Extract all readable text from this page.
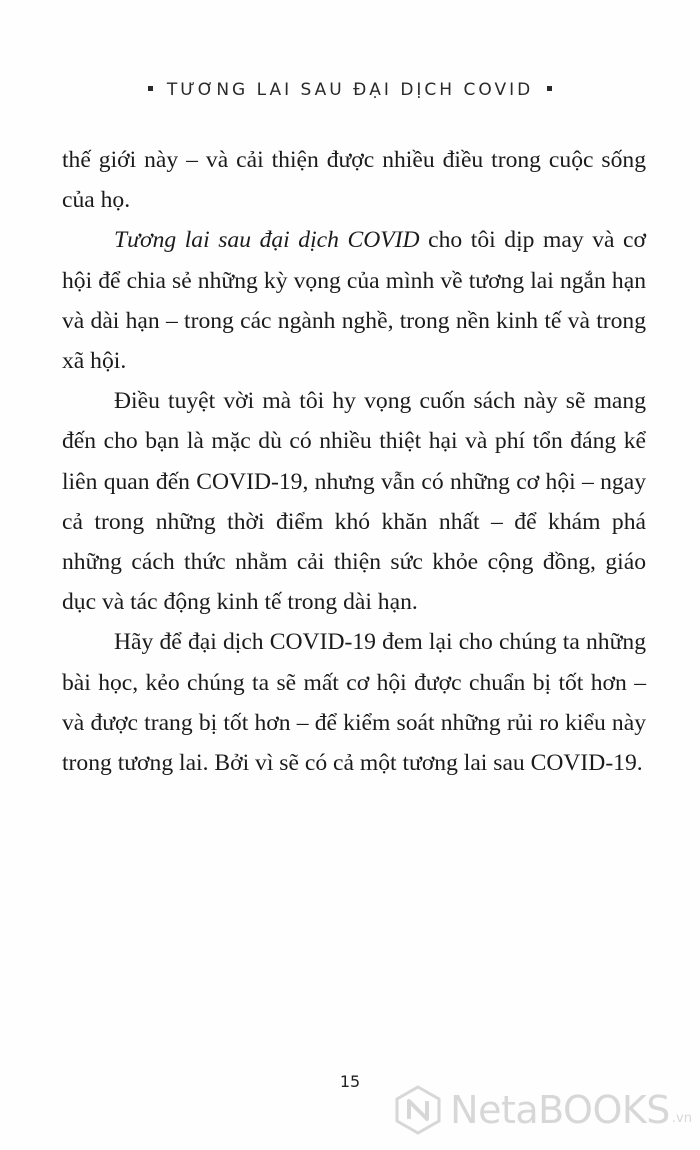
TƯƠNG LAI SAU ĐẠI DỊCH COVID

thế giới này – và cải thiện được nhiều điều trong cuộc sống của họ.

Tương lai sau đại dịch COVID cho tôi dịp may và cơ hội để chia sẻ những kỳ vọng của mình về tương lai ngắn hạn và dài hạn – trong các ngành nghề, trong nền kinh tế và trong xã hội.

Điều tuyệt vời mà tôi hy vọng cuốn sách này sẽ mang đến cho bạn là mặc dù có nhiều thiệt hại và phí tổn đáng kể liên quan đến COVID-19, nhưng vẫn có những cơ hội – ngay cả trong những thời điểm khó khăn nhất – để khám phá những cách thức nhằm cải thiện sức khỏe cộng đồng, giáo dục và tác động kinh tế trong dài hạn.

Hãy để đại dịch COVID-19 đem lại cho chúng ta những bài học, kẻo chúng ta sẽ mất cơ hội được chuẩn bị tốt hơn – và được trang bị tốt hơn – để kiểm soát những rủi ro kiểu này trong tương lai. Bởi vì sẽ có cả một tương lai sau COVID-19.

15
NetaBOOKS .vn
